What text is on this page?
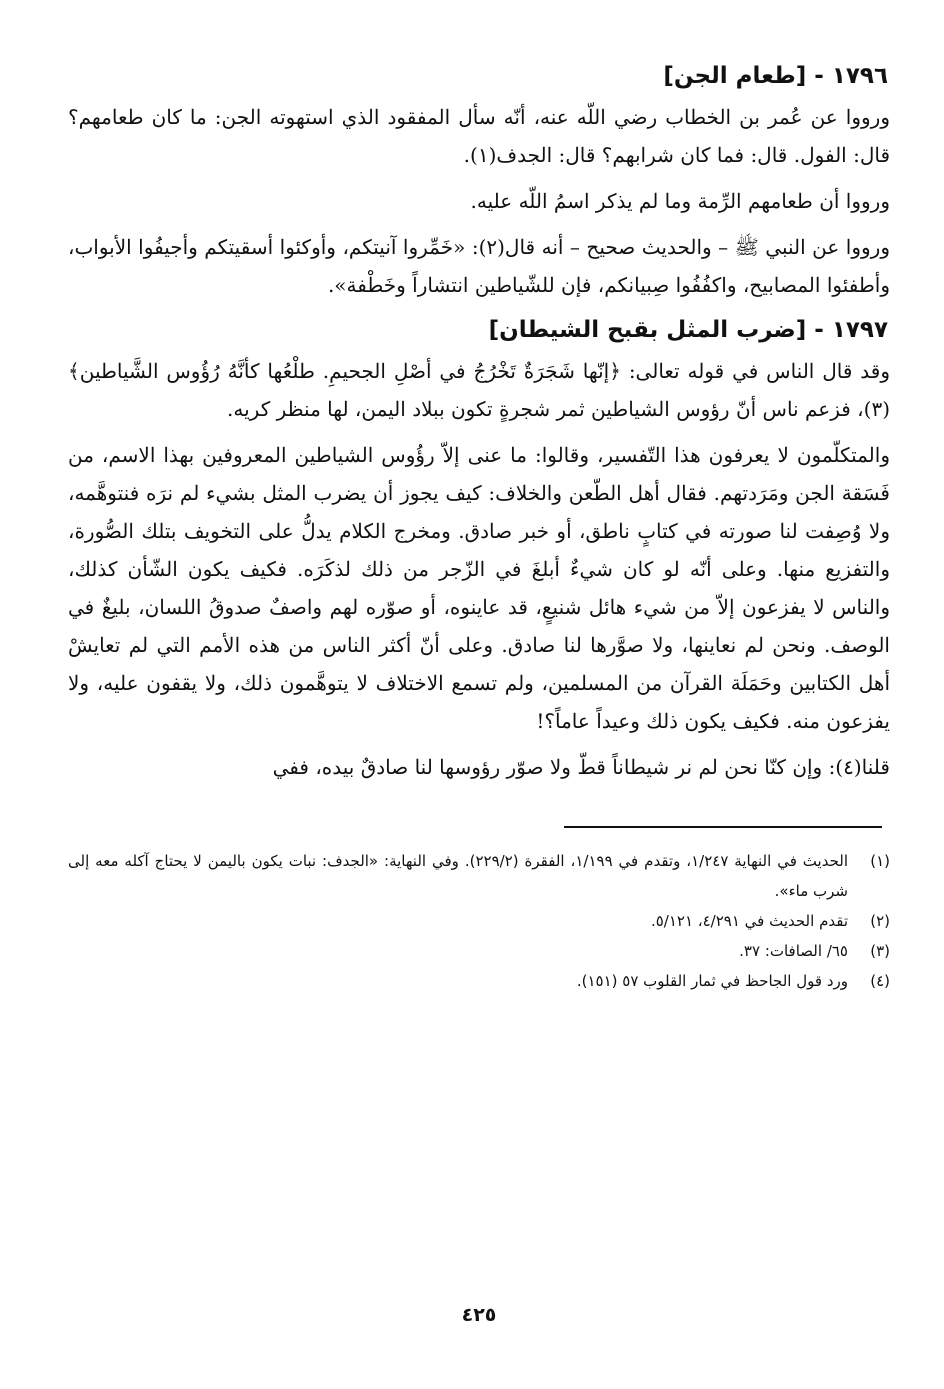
١٧٩٦ - [طعام الجن]

ورووا عن عُمر بن الخطاب رضي اللّه عنه، أنّه سأل المفقود الذي استهوته الجن: ما كان طعامهم؟ قال: الفول. قال: فما كان شرابهم؟ قال: الجدف(١).

ورووا أن طعامهم الرِّمة وما لم يذكر اسمُ اللّه عليه.

ورووا عن النبي ﷺ – والحديث صحيح – أنه قال(٢): «خَمِّروا آنيتكم، وأوكئوا أسقيتكم وأجيفُوا الأبواب، وأطفئوا المصابيح، واكفُفُوا صِبيانكم، فإن للشّياطين انتشاراً وخَطْفة».

١٧٩٧ - [ضرب المثل بقبح الشيطان]

وقد قال الناس في قوله تعالى: ﴿إنّها شَجَرَةٌ تَخْرُجُ في أصْلِ الجحيمِ. طلْعُها كأنَّهُ رُؤُوس الشَّياطين﴾(٣)، فزعم ناس أنّ رؤوس الشياطين ثمر شجرةٍ تكون ببلاد اليمن، لها منظر كريه.

والمتكلّمون لا يعرفون هذا التّفسير، وقالوا: ما عنى إلاّ رؤُوس الشياطين المعروفين بهذا الاسم، من فَسَقة الجن ومَرَدتهم. فقال أهل الطّعن والخلاف: كيف يجوز أن يضرب المثل بشيء لم نرَه فنتوهَّمه، ولا وُصِفت لنا صورته في كتابٍ ناطق، أو خبر صادق. ومخرج الكلام يدلُّ على التخويف بتلك الصُّورة، والتفزيع منها. وعلى أنّه لو كان شيءٌ أبلغَ في الزّجر من ذلك لذكَرَه. فكيف يكون الشّأن كذلك، والناس لا يفزعون إلاّ من شيء هائل شنيعٍ، قد عاينوه، أو صوّره لهم واصفٌ صدوقُ اللسان، بليغٌ في الوصف. ونحن لم نعاينها، ولا صوَّرها لنا صادق. وعلى أنّ أكثر الناس من هذه الأمم التي لم تعايشْ أهل الكتابين وحَمَلَة القرآن من المسلمين، ولم تسمع الاختلاف لا يتوهَّمون ذلك، ولا يقفون عليه، ولا يفزعون منه. فكيف يكون ذلك وعيداً عاماً؟!

قلنا(٤): وإن كنّا نحن لم نر شيطاناً قطّ ولا صوّر رؤوسها لنا صادقٌ بيده، ففي

(١)
الحديث في النهاية ١/٢٤٧، وتقدم في ١/١٩٩، الفقرة (٢٢٩/٢). وفي النهاية: «الجدف: نبات يكون باليمن لا يحتاج آكله معه إلى شرب ماء».
(٢)
تقدم الحديث في ٤/٢٩١، ٥/١٢١.
(٣)
٦٥/ الصافات: ٣٧.
(٤)
ورد قول الجاحظ في ثمار القلوب ٥٧ (١٥١).
٤٢٥
